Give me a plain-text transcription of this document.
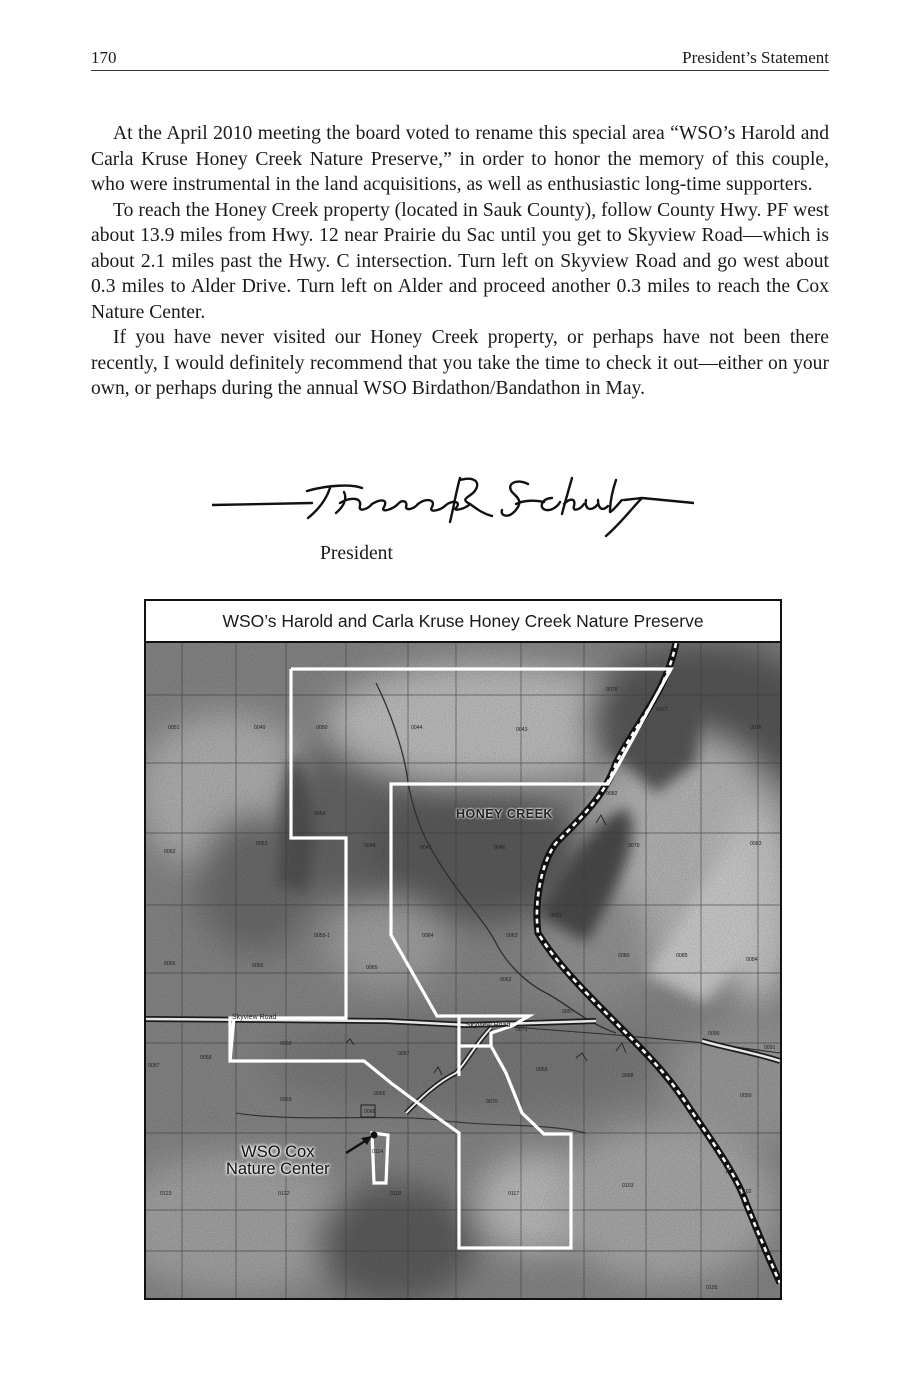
170	President’s Statement

At the April 2010 meeting the board voted to rename this special area “WSO’s Harold and Carla Kruse Honey Creek Nature Preserve,” in order to honor the memory of this couple, who were instrumental in the land acquisitions, as well as enthusiastic long-time supporters.

To reach the Honey Creek property (located in Sauk County), follow County Hwy. PF west about 13.9 miles from Hwy. 12 near Prairie du Sac until you get to Skyview Road—which is about 2.1 miles past the Hwy. C intersection. Turn left on Skyview Road and go west about 0.3 miles to Alder Drive. Turn left on Alder and proceed another 0.3 miles to reach the Cox Nature Center.

If you have never visited our Honey Creek property, or perhaps have not been there recently, I would definitely recommend that you take the time to check it out—either on your own, or perhaps during the annual WSO Birdathon/Bandathon in May.

President
WSO’s Harold and Carla Kruse Honey Creek Nature Preserve
0051	0049	0050	0044	0043
0078
0077
0076
0054
0053
0052
0048	0047	0046
0082
0079	0083
0055-1	0064	0063
0081
0080	0085
0084
0056	0055	0065
0062
0057
0071
0060
0067
0069
0090
0091
0088
0050
0058
0057
0066
0059
0068
0070
0114
0123	0122	0118	0117
0103
0102
0105
HONEY CREEK
WSO Cox
Nature Center
Skyview Road
Skyview Road
